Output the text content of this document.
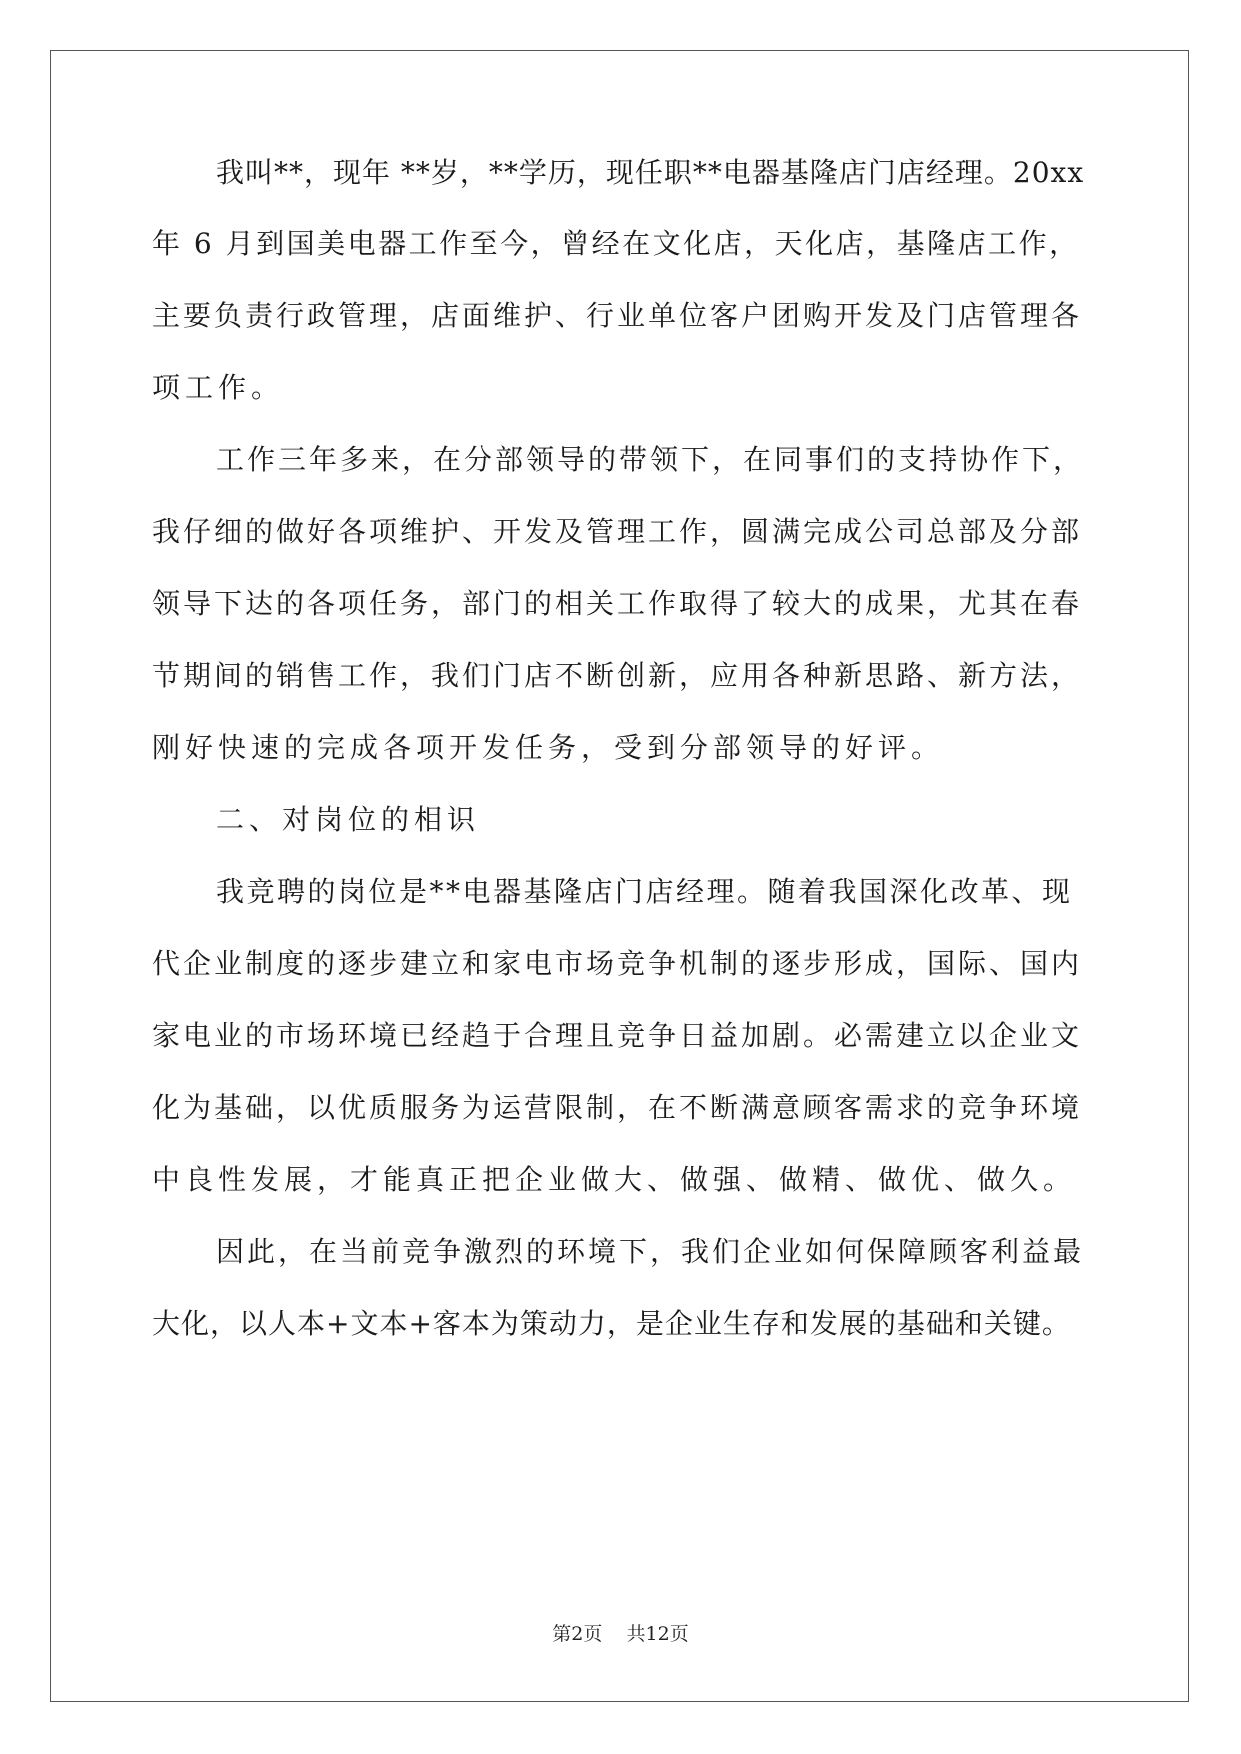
我叫**，现年 **岁，**学历，现任职**电器基隆店门店经理。20xx
年 6 月到国美电器工作至今，曾经在文化店，天化店，基隆店工作，
主要负责行政管理，店面维护、行业单位客户团购开发及门店管理各
项工作。
工作三年多来，在分部领导的带领下，在同事们的支持协作下，
我仔细的做好各项维护、开发及管理工作，圆满完成公司总部及分部
领导下达的各项任务，部门的相关工作取得了较大的成果，尤其在春
节期间的销售工作，我们门店不断创新，应用各种新思路、新方法，
刚好快速的完成各项开发任务，受到分部领导的好评。
二、对岗位的相识
我竞聘的岗位是**电器基隆店门店经理。随着我国深化改革、现
代企业制度的逐步建立和家电市场竞争机制的逐步形成，国际、国内
家电业的市场环境已经趋于合理且竞争日益加剧。必需建立以企业文
化为基础，以优质服务为运营限制，在不断满意顾客需求的竞争环境
中良性发展，才能真正把企业做大、做强、做精、做优、做久。
因此，在当前竞争激烈的环境下，我们企业如何保障顾客利益最
大化，以人本+文本+客本为策动力，是企业生存和发展的基础和关键。
第2页    共12页
